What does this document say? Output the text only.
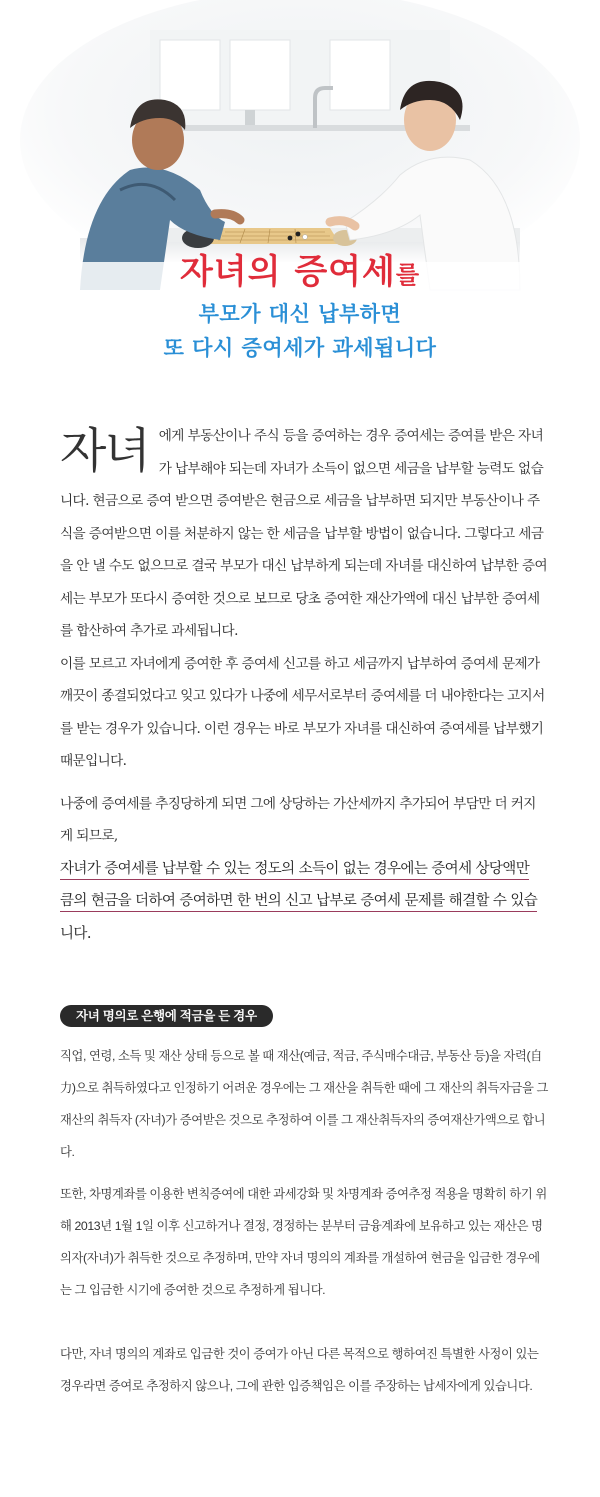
자녀의 증여세를
부모가 대신 납부하면
또 다시 증여세가 과세됩니다
자녀 에게 부동산이나 주식 등을 증여하는 경우 증여세는 증여를 받은 자녀가 납부해야 되는데 자녀가 소득이 없으면 세금을 납부할 능력도 없습니다. 현금으로 증여 받으면 증여받은 현금으로 세금을 납부하면 되지만 부동산이나 주식을 증여받으면 이를 처분하지 않는 한 세금을 납부할 방법이 없습니다. 그렇다고 세금을 안 낼 수도 없으므로 결국 부모가 대신 납부하게 되는데 자녀를 대신하여 납부한 증여세는 부모가 또다시 증여한 것으로 보므로 당초 증여한 재산가액에 대신 납부한 증여세를 합산하여 추가로 과세됩니다.

이를 모르고 자녀에게 증여한 후 증여세 신고를 하고 세금까지 납부하여 증여세 문제가 깨끗이 종결되었다고 잊고 있다가 나중에 세무서로부터 증여세를 더 내야한다는 고지서를 받는 경우가 있습니다. 이런 경우는 바로 부모가 자녀를 대신하여 증여세를 납부했기 때문입니다.

나중에 증여세를 추징당하게 되면 그에 상당하는 가산세까지 추가되어 부담만 더 커지게 되므로,

자녀가 증여세를 납부할 수 있는 정도의 소득이 없는 경우에는 증여세 상당액만
큼의 현금을 더하여 증여하면 한 번의 신고 납부로 증여세 문제를 해결할 수 있습
니다.

자녀 명의로 은행에 적금을 든 경우

직업, 연령, 소득 및 재산 상태 등으로 볼 때 재산(예금, 적금, 주식매수대금, 부동산 등)을 자력(自力)으로 취득하였다고 인정하기 어려운 경우에는 그 재산을 취득한 때에 그 재산의 취득자금을 그 재산의 취득자 (자녀)가 증여받은 것으로 추정하여 이를 그 재산취득자의 증여재산가액으로 합니다.

또한, 차명계좌를 이용한 변칙증여에 대한 과세강화 및 차명계좌 증여추정 적용을 명확히 하기 위해 2013년 1월 1일 이후 신고하거나 결정, 경정하는 분부터 금융계좌에 보유하고 있는 재산은 명의자(자녀)가 취득한 것으로 추정하며, 만약 자녀 명의의 계좌를 개설하여 현금을 입금한 경우에는 그 입금한 시기에 증여한 것으로 추정하게 됩니다.

다만, 자녀 명의의 계좌로 입금한 것이 증여가 아닌 다른 목적으로 행하여진 특별한 사정이 있는 경우라면 증여로 추정하지 않으나, 그에 관한 입증책임은 이를 주장하는 납세자에게 있습니다.
